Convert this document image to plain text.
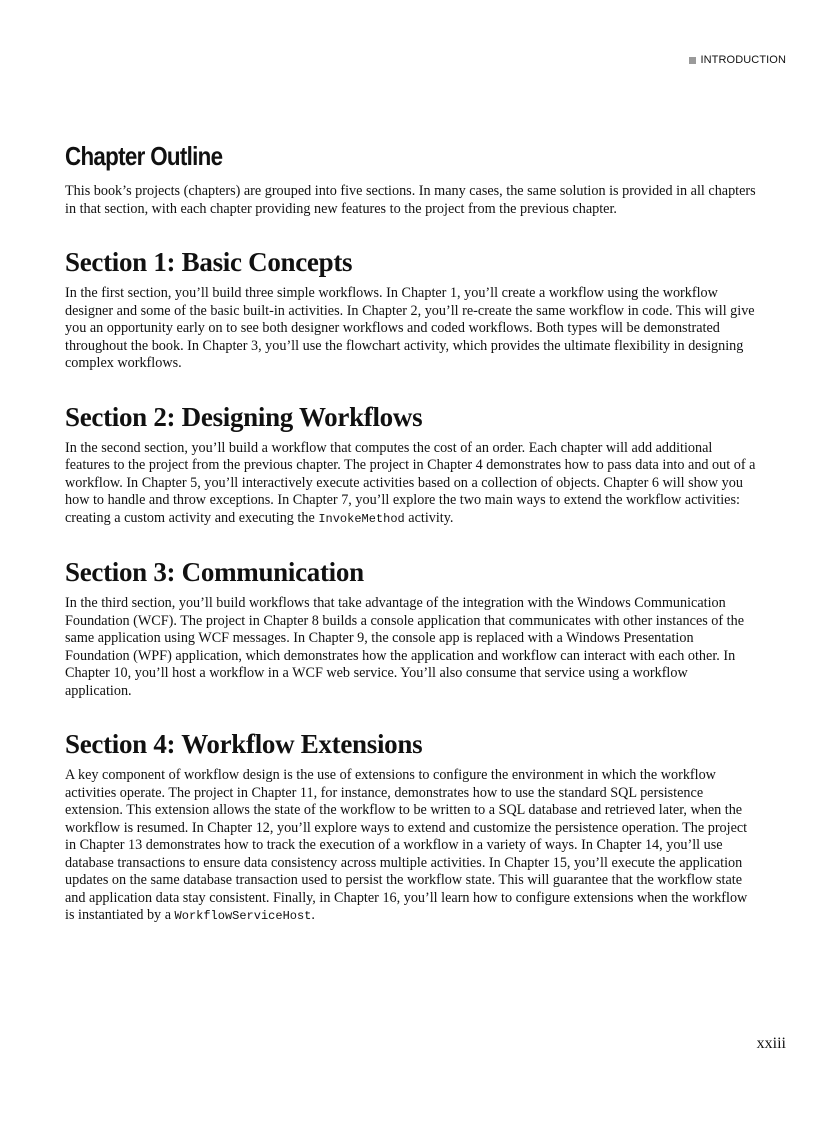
INTRODUCTION
Chapter Outline

This book’s projects (chapters) are grouped into five sections. In many cases, the same solution is provided in all chapters in that section, with each chapter providing new features to the project from the previous chapter.

Section 1: Basic Concepts

In the first section, you’ll build three simple workflows. In Chapter 1, you’ll create a workflow using the workflow designer and some of the basic built-in activities. In Chapter 2, you’ll re-create the same workflow in code. This will give you an opportunity early on to see both designer workflows and coded workflows. Both types will be demonstrated throughout the book. In Chapter 3, you’ll use the flowchart activity, which provides the ultimate flexibility in designing complex workflows.

Section 2: Designing Workflows

In the second section, you’ll build a workflow that computes the cost of an order. Each chapter will add additional features to the project from the previous chapter. The project in Chapter 4 demonstrates how to pass data into and out of a workflow. In Chapter 5, you’ll interactively execute activities based on a collection of objects. Chapter 6 will show you how to handle and throw exceptions. In Chapter 7, you’ll explore the two main ways to extend the workflow activities: creating a custom activity and executing the InvokeMethod activity.

Section 3: Communication

In the third section, you’ll build workflows that take advantage of the integration with the Windows Communication Foundation (WCF). The project in Chapter 8 builds a console application that communicates with other instances of the same application using WCF messages. In Chapter 9, the console app is replaced with a Windows Presentation Foundation (WPF) application, which demonstrates how the application and workflow can interact with each other. In Chapter 10, you’ll host a workflow in a WCF web service. You’ll also consume that service using a workflow application.

Section 4: Workflow Extensions

A key component of workflow design is the use of extensions to configure the environment in which the workflow activities operate. The project in Chapter 11, for instance, demonstrates how to use the standard SQL persistence extension. This extension allows the state of the workflow to be written to a SQL database and retrieved later, when the workflow is resumed. In Chapter 12, you’ll explore ways to extend and customize the persistence operation. The project in Chapter 13 demonstrates how to track the execution of a workflow in a variety of ways. In Chapter 14, you’ll use database transactions to ensure data consistency across multiple activities. In Chapter 15, you’ll execute the application updates on the same database transaction used to persist the workflow state. This will guarantee that the workflow state and application data stay consistent. Finally, in Chapter 16, you’ll learn how to configure extensions when the workflow is instantiated by a WorkflowServiceHost.

xxiii
